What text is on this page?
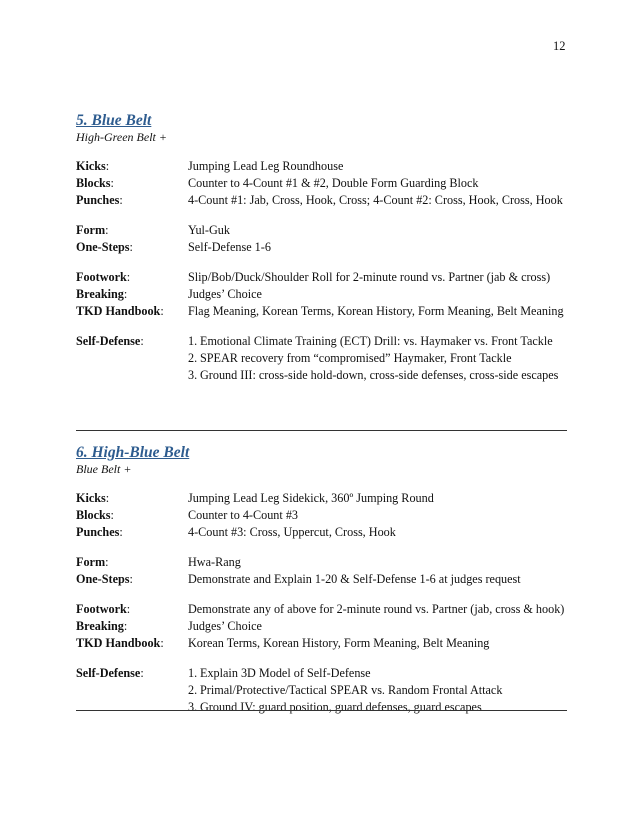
12
5. Blue Belt
High-Green Belt +
Kicks:	Jumping Lead Leg Roundhouse
Blocks:	Counter to 4-Count #1 & #2, Double Form Guarding Block
Punches:	4-Count #1: Jab, Cross, Hook, Cross; 4-Count #2: Cross, Hook, Cross, Hook
Form:	Yul-Guk
One-Steps:	Self-Defense 1-6
Footwork:	Slip/Bob/Duck/Shoulder Roll for 2-minute round vs. Partner (jab & cross)
Breaking:	Judges’ Choice
TKD Handbook:	Flag Meaning, Korean Terms, Korean History, Form Meaning, Belt Meaning
Self-Defense:	1. Emotional Climate Training (ECT) Drill: vs. Haymaker vs. Front Tackle
2. SPEAR recovery from “compromised” Haymaker, Front Tackle
3. Ground III: cross-side hold-down, cross-side defenses, cross-side escapes
6. High-Blue Belt
Blue Belt +
Kicks:	Jumping Lead Leg Sidekick, 360º Jumping Round
Blocks:	Counter to 4-Count #3
Punches:	4-Count #3: Cross, Uppercut, Cross, Hook
Form:	Hwa-Rang
One-Steps:	Demonstrate and Explain 1-20 & Self-Defense 1-6 at judges request
Footwork:	Demonstrate any of above for 2-minute round vs. Partner (jab, cross & hook)
Breaking:	Judges’ Choice
TKD Handbook:	Korean Terms, Korean History, Form Meaning, Belt Meaning
Self-Defense:	1. Explain 3D Model of Self-Defense
2. Primal/Protective/Tactical SPEAR vs. Random Frontal Attack
3. Ground IV: guard position, guard defenses, guard escapes
